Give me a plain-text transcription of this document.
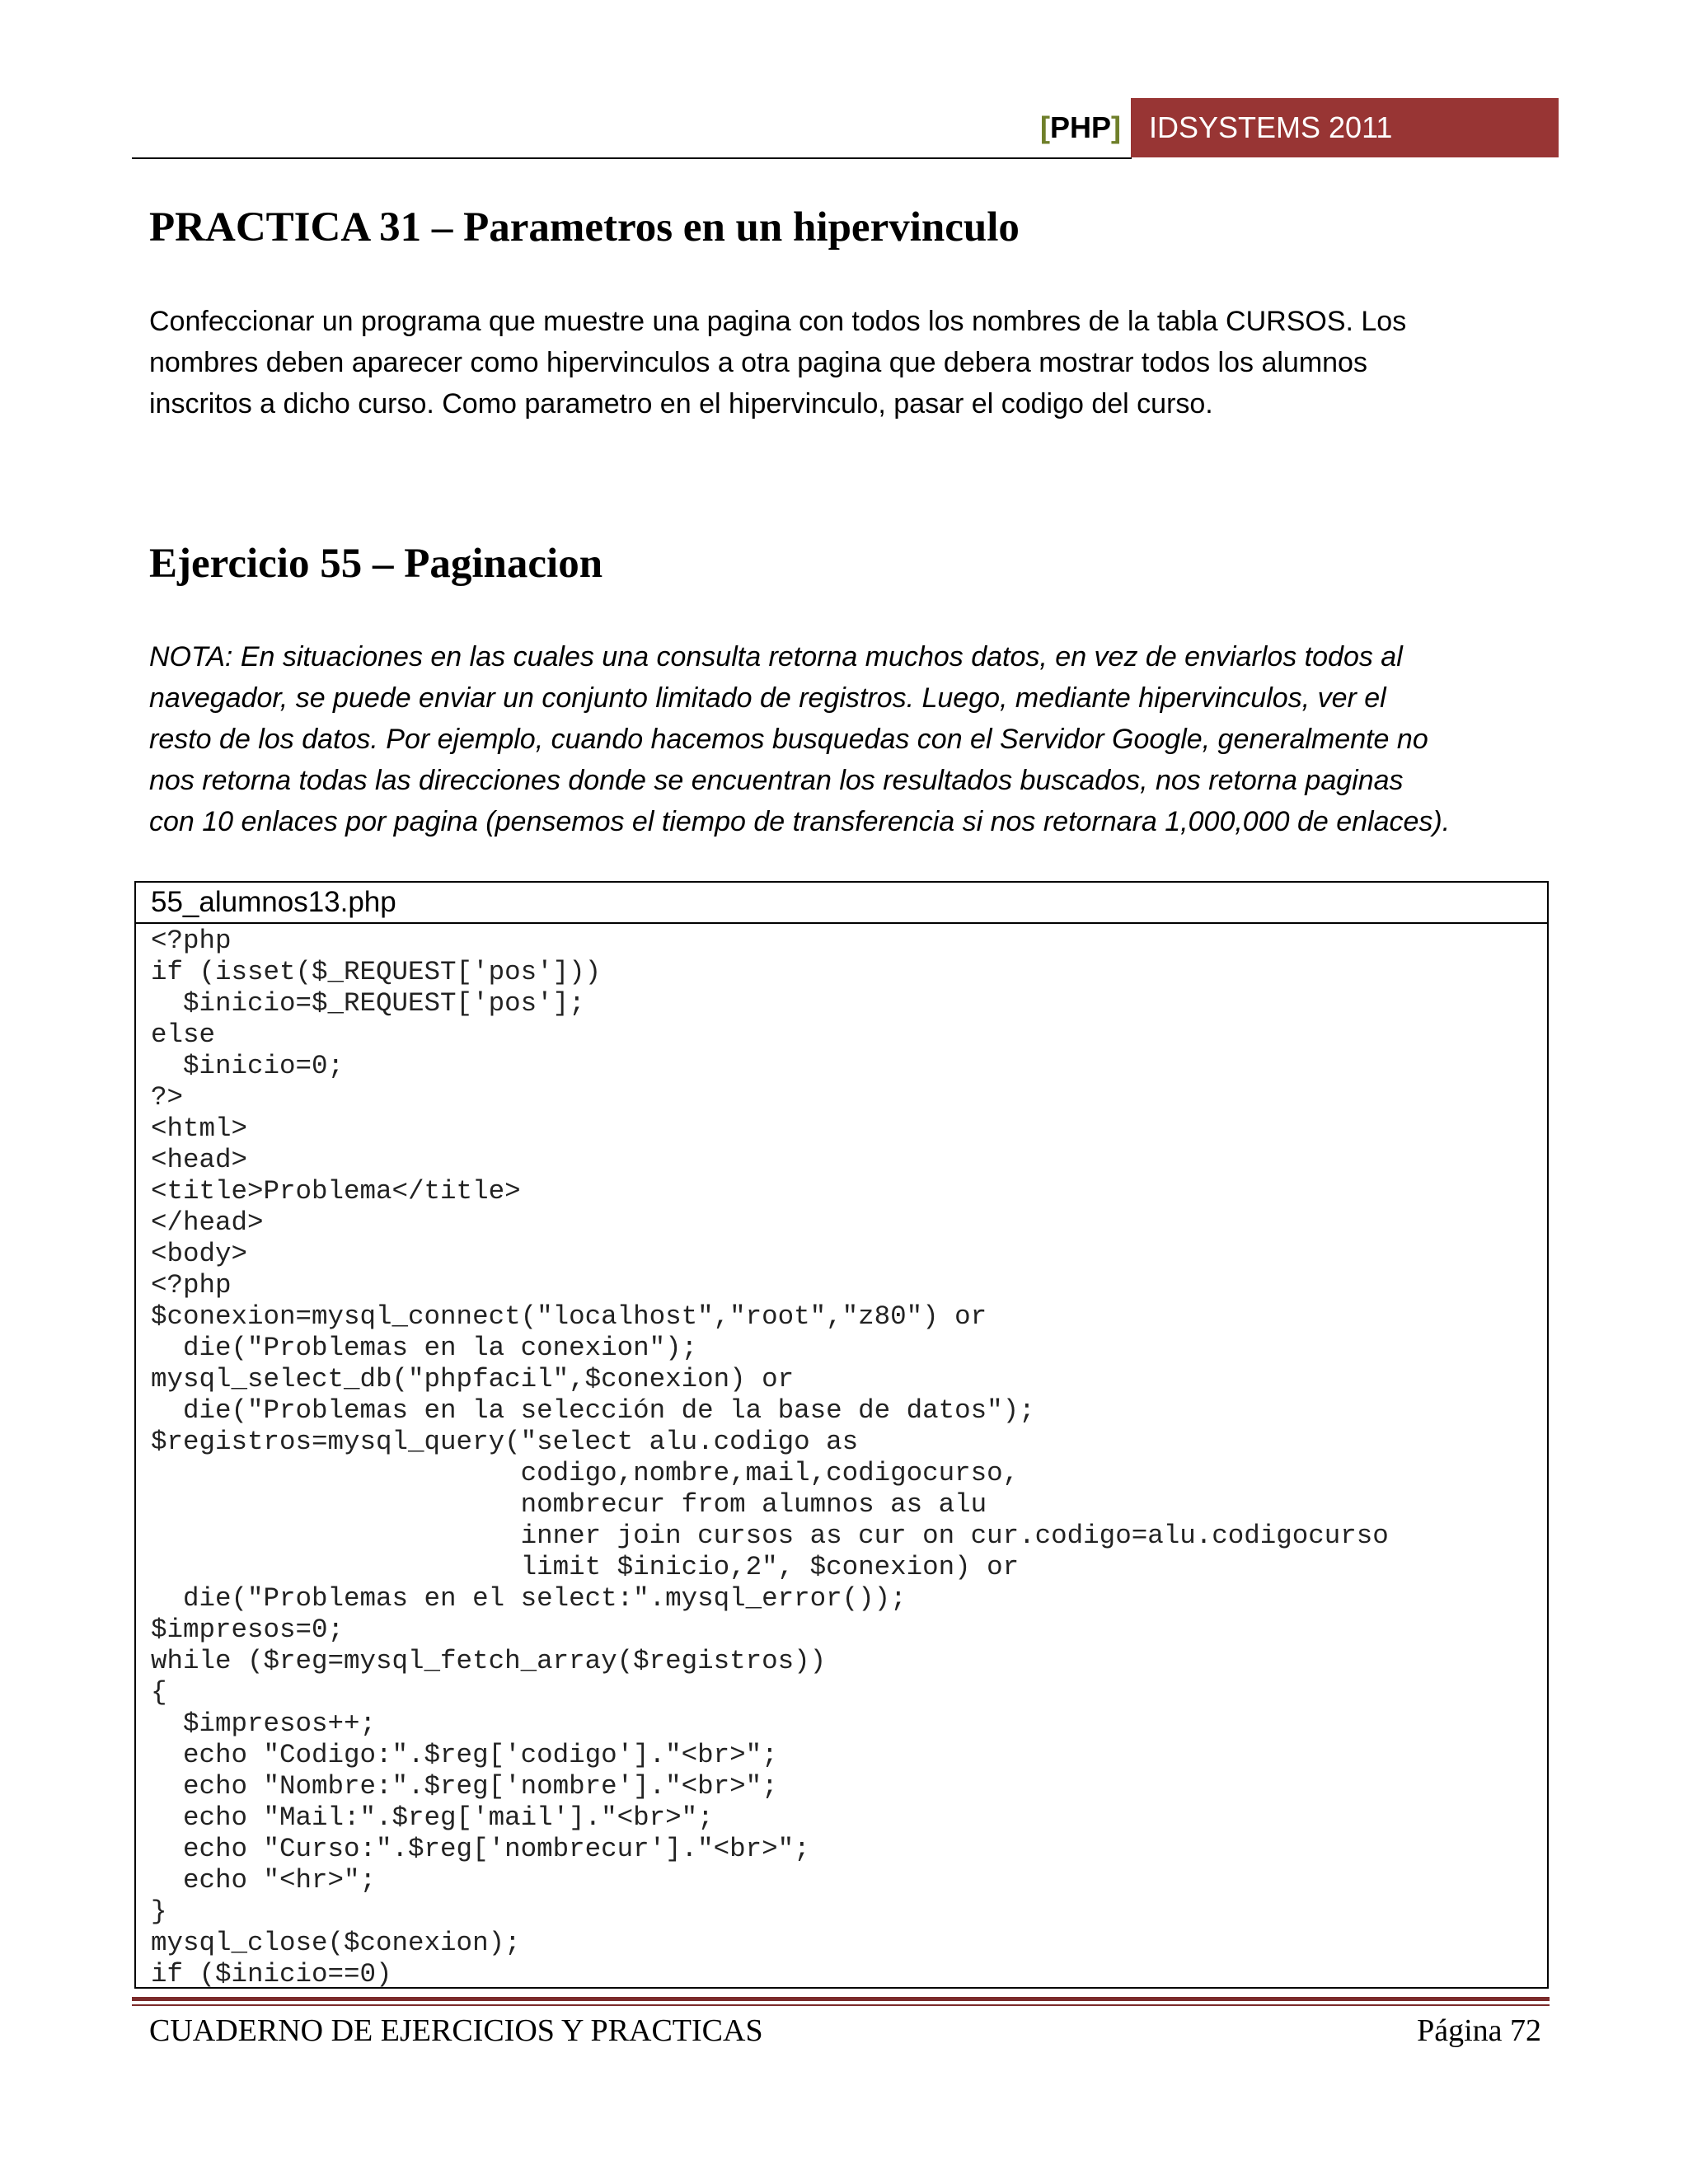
[PHP] IDSYSTEMS 2011
PRACTICA 31 – Parametros en un hipervinculo
Confeccionar un programa que muestre una pagina con todos los nombres de la tabla CURSOS. Los
nombres deben aparecer como hipervinculos a otra pagina que debera mostrar todos los alumnos
inscritos a dicho curso. Como parametro en el hipervinculo, pasar el codigo del curso.
Ejercicio 55 – Paginacion
NOTA: En situaciones en las cuales una consulta retorna muchos datos, en vez de enviarlos todos al
navegador, se puede enviar un conjunto limitado de registros. Luego, mediante hipervinculos, ver el
resto de los datos. Por ejemplo, cuando hacemos busquedas con el Servidor Google, generalmente no
nos retorna todas las direcciones donde se encuentran los resultados buscados, nos retorna paginas
con 10 enlaces por pagina (pensemos el tiempo de transferencia si nos retornara 1,000,000 de enlaces).
55_alumnos13.php
<?php
if (isset($_REQUEST['pos']))
$inicio=$_REQUEST['pos'];
else
$inicio=0;
?>
<html>
<head>
<title>Problema</title>
</head>
<body>
<?php
$conexion=mysql_connect("localhost","root","z80") or
die("Problemas en la conexion");
mysql_select_db("phpfacil",$conexion) or
die("Problemas en la selección de la base de datos");
$registros=mysql_query("select alu.codigo as
codigo,nombre,mail,codigocurso,
nombrecur from alumnos as alu
inner join cursos as cur on cur.codigo=alu.codigocurso
limit $inicio,2", $conexion) or
die("Problemas en el select:".mysql_error());
$impresos=0;
while ($reg=mysql_fetch_array($registros))
{
$impresos++;
echo "Codigo:".$reg['codigo']."<br>";
echo "Nombre:".$reg['nombre']."<br>";
echo "Mail:".$reg['mail']."<br>";
echo "Curso:".$reg['nombrecur']."<br>";
echo "<hr>";
}
mysql_close($conexion);
if ($inicio==0)
CUADERNO DE EJERCICIOS Y PRACTICAS	Página 72
